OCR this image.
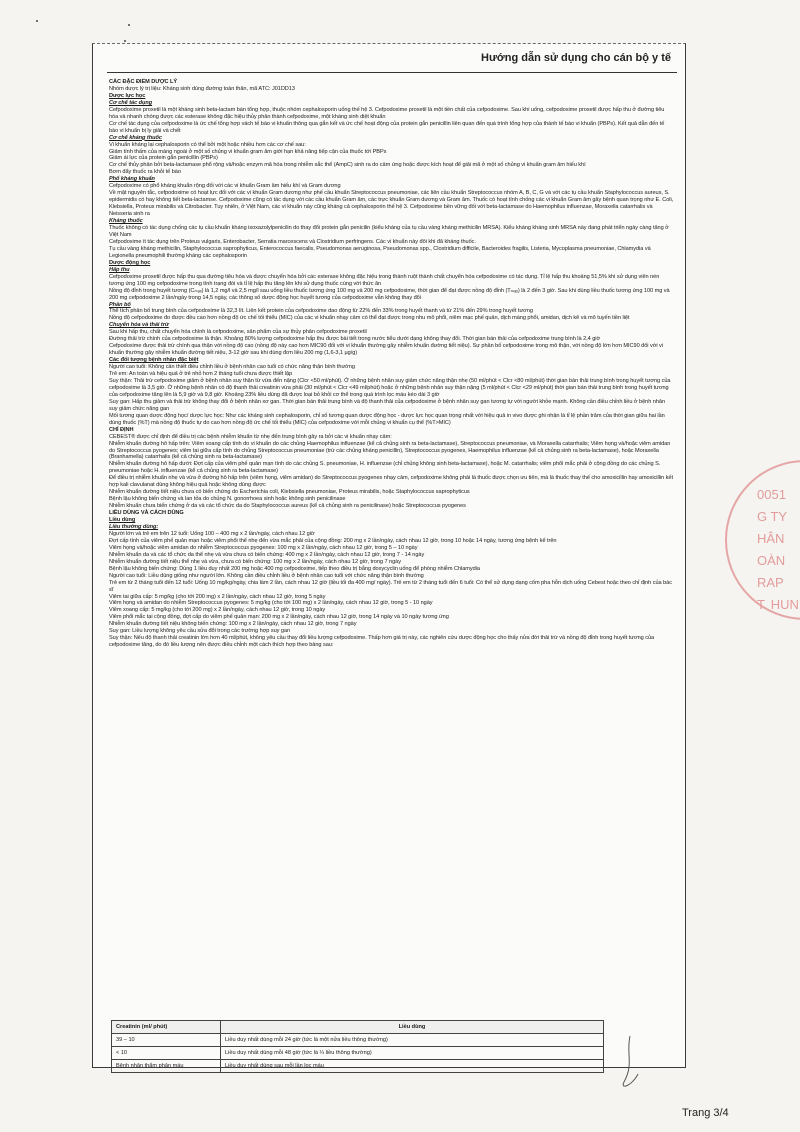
Hướng dẫn sử dụng cho cán bộ y tế

CÁC ĐẶC ĐIỂM DƯỢC LÝ

Nhóm dược lý trị liệu: Kháng sinh dùng đường toàn thân, mã ATC: J01DD13

Dược lực học

Cơ chế tác dụng

Cefpodoxime proxetil là một kháng sinh beta-lactam bán tổng hợp, thuộc nhóm cephalosporin uống thế hệ 3. Cefpodoxime proxetil là một tiền chất của cefpodoxime. Sau khi uống, cefpodoxime proxetil được hấp thu ở đường tiêu hóa và nhanh chóng được các esterase không đặc hiệu thủy phân thành cefpodoxime, một kháng sinh diệt khuẩn

Cơ chế tác dụng của cefpodoxime là ức chế tổng hợp vách tế bào vi khuẩn thông qua gắn kết và ức chế hoạt động của protein gắn penicillin liên quan đến quá trình tổng hợp của thành tế bào vi khuẩn (PBPs). Kết quả dẫn đến tế bào vi khuẩn bị ly giải và chết

Cơ chế kháng thuốc

Vi khuẩn kháng lại cephalosporin có thể bởi một hoặc nhiều hơn các cơ chế sau:

Giảm tính thấm của màng ngoài ở một số chủng vi khuẩn gram âm giới hạn khả năng tiếp cận của thuốc tới PBPs

Giảm ái lực của protein gắn penicillin (PBPs)

Cơ chế thủy phân bởi beta-lactamase phổ rộng và/hoặc enzym mã hóa trong nhiễm sắc thể (AmpC) sinh ra do cảm ứng hoặc được kích hoạt để giải mã ở một số chủng vi khuẩn gram âm hiếu khí

Bơm đẩy thuốc ra khỏi tế bào

Phổ kháng khuẩn

Cefpodoxime có phổ kháng khuẩn rộng đối với các vi khuẩn Gram âm hiếu khí và Gram dương

Về mặt nguyên tắc, cefpodoxime có hoạt lực đối với các vi khuẩn Gram dương như phế cầu khuẩn Streptococcus pneumoniae, các liên cầu khuẩn Streptococcus nhóm A, B, C, G và với các tụ cầu khuẩn Staphylococcus aureus, S. epidermidis có hay không tiết beta-lactamse. Cefpodoxime cũng có tác dụng với các cầu khuẩn Gram âm, các trực khuẩn Gram dương và Gram âm. Thuốc có hoạt tính chống các vi khuẩn Gram âm gây bệnh quan trọng như E. Coli, Klebsiella, Proteus mirabilis và Citrobacter. Tuy nhiên, ở Việt Nam, các vi khuẩn này cũng kháng cả cephalosporin thế hệ 3. Cefpodoxime bền vững đối với beta-lactamase do Haemophilus influenzae, Moraxella catarrhalis và Neisseria sinh ra

Kháng thuốc

Thuốc không có tác dụng chống các tụ cầu khuẩn kháng isoxazolylpenicilin do thay đổi protein gắn penicilin (kiểu kháng của tụ cầu vàng kháng methicilin MRSA). Kiểu kháng kháng sinh MRSA này đang phát triển ngày càng tăng ở Việt Nam

Cefpodoxime ít tác dụng trên Proteus vulgaris, Enterobacter, Serratia marcescens và Clostridium perfringens. Các vi khuẩn này đôi khi đã kháng thuốc.

Tụ cầu vàng kháng methicilin, Staphylococcus saprophyticus, Enterococcus faecalis, Pseudomonas aeruginosa, Pseudomonas spp., Clostridium difficile, Bacteroides fragilis, Listeria, Mycoplasma pneumoniae, Chlamydia và Legionella pneumophili thường kháng các cephalosporin

Dược động học

Hấp thu

Cefpodoxime proxetil được hấp thu qua đường tiêu hóa và được chuyển hóa bởi các esterase không đặc hiệu trong thành ruột thành chất chuyển hóa cefpodoxime có tác dụng. Tỉ lệ hấp thu khoảng 51,5% khi sử dụng viên nén tương ứng 100 mg cefpodoxime trong tình trạng đói và tỉ lệ hấp thu tăng lên khi sử dụng thuốc cùng với thức ăn

Nồng độ đỉnh trong huyết tương (Cₘₐₓ) là 1,2 mg/l và 2,5 mg/l sau uống liều thuốc tương ứng 100 mg và 200 mg cefpodoxime, thời gian để đạt được nồng độ đỉnh (Tₘₐₓ) là 2 đến 3 giờ. Sau khi dùng liều thuốc tương ứng 100 mg và 200 mg cefpodoxime 2 lần/ngày trong 14,5 ngày, các thông số dược động học huyết tương của cefpodoxime vẫn không thay đổi

Phân bố

Thể tích phân bố trung bình của cefpodoxime là 32,3 lít. Liên kết protein của cefpodoxime dao động từ 22% đến 33% trong huyết thanh và từ 21% đến 29% trong huyết tương

Nồng độ cefpodoxime đo được đều cao hơn nồng độ ức chế tối thiểu (MIC) của các vi khuẩn nhạy cảm có thể đạt được trong nhu mô phổi, niêm mạc phế quản, dịch màng phổi, amidan, dịch kẽ và mô tuyến tiền liệt

Chuyển hóa và thải trừ

Sau khi hấp thu, chất chuyển hóa chính là cefpodoxime, sản phẩm của sự thủy phân cefpodoxime proxetil

Đường thải trừ chính của cefpodoxime là thận. Khoảng 80% lượng cefpodoxime hấp thu được bài tiết trong nước tiểu dưới dạng không thay đổi. Thời gian bán thải của cefpodoxime trung bình là 2,4 giờ

Cefpodoxime được thải trừ chính qua thận với nồng độ cao (nồng độ này cao hơn MIC90 đối với vi khuẩn thường gây nhiễm khuẩn đường tiết niệu). Sự phân bố cefpodoxime trong mô thận, với nồng độ lớn hơn MIC90 đối với vi khuẩn thường gây nhiễm khuẩn đường tiết niệu, 3-12 giờ sau khi dùng đơn liều 200 mg (1,6-3,1 µg/g)

Các đối tượng bệnh nhân đặc biệt

Người cao tuổi: Không cần thiết điều chỉnh liều ở bệnh nhân cao tuổi có chức năng thận bình thường

Trẻ em: An toàn và hiệu quả ở trẻ nhỏ hơn 2 tháng tuổi chưa được thiết lập

Suy thận: Thải trừ cefpodoxime giảm ở bệnh nhân suy thận từ vừa đến nặng (Clcr <50 ml/phút). Ở những bệnh nhân suy giảm chức năng thận nhẹ (50 ml/phút < Clcr <80 ml/phút) thời gian bán thải trung bình trong huyết tương của cefpodoxime là 3,5 giờ. Ở những bệnh nhân có độ thanh thải creatinin vừa phải (30 ml/phút < Clcr <49 ml/phút) hoặc ở những bệnh nhân suy thận nặng (5 ml/phút < Clcr <29 ml/phút) thời gian bán thải trung bình trong huyết tương của cefpodoxime tăng lên là 5,9 giờ và 9,8 giờ. Khoảng 23% liều dùng đã được loại bỏ khỏi cơ thể trong quá trình lọc máu kéo dài 3 giờ

Suy gan: Hấp thu giảm và thải trừ không thay đổi ở bệnh nhân xơ gan. Thời gian bán thải trung bình và độ thanh thải của cefpodoxime ở bệnh nhân suy gan tương tự với người khỏe mạnh. Không cần điều chỉnh liều ở bệnh nhân suy giảm chức năng gan

Mối tương quan dược động học/ dược lực học: Như các kháng sinh cephalosporin, chỉ số tương quan dược động học - dược lực học quan trọng nhất với hiệu quả in vivo được ghi nhận là tỉ lệ phần trăm của thời gian giữa hai lần dùng thuốc (%T) mà nồng độ thuốc tự do cao hơn nồng độ ức chế tối thiểu (MIC) của cefpodoxime với mỗi chủng vi khuẩn cụ thể (%T>MIC)

CHỈ ĐỊNH

CEBEST® được chỉ định để điều trị các bệnh nhiễm khuẩn từ nhẹ đến trung bình gây ra bởi các vi khuẩn nhạy cảm:

Nhiễm khuẩn đường hô hấp trên: Viêm xoang cấp tính do vi khuẩn do các chủng Haemophilus influenzae (kể cả chủng sinh ra beta-lactamase), Streptococcus pneumoniae, và Moraxella catarrhalis; Viêm họng và/hoặc viêm amidan do Streptococcus pyogenes; viêm tai giữa cấp tính do chủng Streptococcus pneumoniae (trừ các chủng kháng penicillin), Streptococcus pyogenes, Haemophilus influenzae (kể cả chủng sinh ra beta-lactamase), hoặc Moraxella (Branhamella) catarrhalis (kể cả chủng sinh ra beta-lactamase)

Nhiễm khuẩn đường hô hấp dưới: Đợt cấp của viêm phế quản mạn tính do các chủng S. pneumoniae, H. influenzae (chỉ chủng không sinh beta-lactamase), hoặc M. catarrhalis; viêm phổi mắc phải ở cộng đồng do các chủng S. pneumoniae hoặc H. influenzae (kể cả chủng sinh ra beta-lactamase)

Để điều trị nhiễm khuẩn nhẹ và vừa ở đường hô hấp trên (viêm họng, viêm amidan) do Streptococcus pyogenes nhạy cảm, cefpodoxime không phải là thuốc được chọn ưu tiên, mà là thuốc thay thế cho amoxicillin hay amoxicillin kết hợp kali clavulanat dùng không hiệu quả hoặc không dùng được

Nhiễm khuẩn đường tiết niệu chưa có biến chứng do Escherichia coli, Klebsiella pneumoniae, Proteus mirabilis, hoặc Staphylococcus saprophyticus

Bệnh lậu không biến chứng và lan tỏa do chủng N. gonorrhoea sinh hoặc không sinh penicilinase

Nhiễm khuẩn chưa biến chứng ở da và các tổ chức da do Staphylococcus aureus (kể cả chủng sinh ra penicilinase) hoặc Streptococcus pyogenes

LIỀU DÙNG VÀ CÁCH DÙNG

Liều dùng

Liều thường dùng:

Người lớn và trẻ em trên 12 tuổi: Uống 100 – 400 mg x 2 lần/ngày, cách nhau 12 giờ

Đợt cấp tính của viêm phế quản mạn hoặc viêm phổi thể nhẹ đến vừa mắc phải của cộng đồng: 200 mg x 2 lần/ngày, cách nhau 12 giờ, trong 10 hoặc 14 ngày, tương ứng bệnh kể trên

Viêm họng và/hoặc viêm amidan do nhiễm Streptococcus pyogenes: 100 mg x 2 lần/ngày, cách nhau 12 giờ, trong 5 – 10 ngày

Nhiễm khuẩn da và các tổ chức da thể nhẹ và vừa chưa có biến chứng: 400 mg x 2 lần/ngày, cách nhau 12 giờ, trong 7 - 14 ngày

Nhiễm khuẩn đường tiết niệu thể nhẹ và vừa, chưa có biến chứng: 100 mg x 2 lần/ngày, cách nhau 12 giờ, trong 7 ngày

Bệnh lậu không biến chứng: Dùng 1 liều duy nhất 200 mg hoặc 400 mg cefpodoxime, tiếp theo điều trị bằng doxycyclin uống để phòng nhiễm Chlamydia

Người cao tuổi: Liều dùng giống như người lớn. Không cần điều chỉnh liều ở bệnh nhân cao tuổi với chức năng thận bình thường

Trẻ em từ 2 tháng tuổi đến 12 tuổi: Uống 10 mg/kg/ngày, chia làm 2 lần, cách nhau 12 giờ (liều tối đa 400 mg/ ngày). Trẻ em từ 2 tháng tuổi đến 6 tuổi: Có thể sử dụng dạng cốm pha hỗn dịch uống Cebest hoặc theo chỉ định của bác sĩ

Viêm tai giữa cấp: 5 mg/kg (cho tới 200 mg) x 2 lần/ngày, cách nhau 12 giờ, trong 5 ngày

Viêm họng và amidan do nhiễm Streptococcus pyogenes: 5 mg/kg (cho tới 100 mg) x 2 lần/ngày, cách nhau 12 giờ, trong 5 - 10 ngày

Viêm xoang cấp: 5 mg/kg (cho tới 200 mg) x 2 lần/ngày, cách nhau 12 giờ, trong 10 ngày

Viêm phổi mắc tại cộng đồng, đợt cấp do viêm phế quản mạn: 200 mg x 2 lần/ngày, cách nhau 12 giờ, trong 14 ngày và 10 ngày tương ứng

Nhiễm khuẩn đường tiết niệu không biến chứng: 100 mg x 2 lần/ngày, cách nhau 12 giờ, trong 7 ngày

Suy gan: Liều lượng không yêu cầu sửa đổi trong các trường hợp suy gan

Suy thận: Nếu độ thanh thải creatinin lớn hơn 40 ml/phút, không yêu cầu thay đổi liều lượng cefpodoxime. Thấp hơn giá trị này, các nghiên cứu dược động học cho thấy nửa đời thải trừ và nồng độ đỉnh trong huyết tương của cefpodoxime tăng, do đó liều lượng nên được điều chỉnh một cách thích hợp theo bảng sau:

Creatinin (ml/ phút)	Liều dùng
39 – 10	Liều duy nhất dùng mỗi 24 giờ (tức là một nửa liều thông thường)
< 10	Liều duy nhất dùng mỗi 48 giờ (tức là ¼ liều thông thường)
Bệnh nhân thẩm phân máu	Liều duy nhất dùng sau mỗi lần lọc máu
Trang 3/4
0051
G TY
HÂN
OÀN
RAP
T. HUN
